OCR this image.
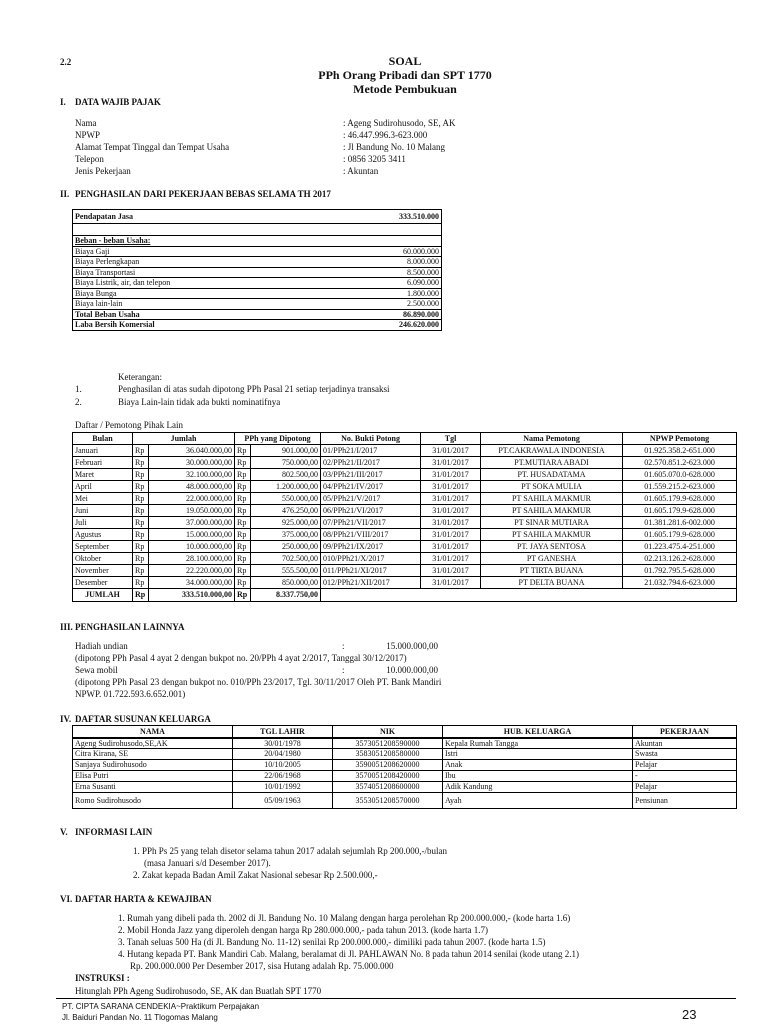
2.2	SOAL
PPh Orang Pribadi dan SPT 1770
Metode Pembukuan
I. DATA WAJIB PAJAK
Nama	: Ageng Sudirohusodo, SE, AK
NPWP	: 46.447.996.3-623.000
Alamat Tempat Tinggal dan Tempat Usaha	: Jl Bandung No. 10 Malang
Telepon	: 0856 3205 3411
Jenis Pekerjaan	: Akuntan
II. PENGHASILAN DARI PEKERJAAN BEBAS SELAMA TH 2017
Pendapatan Jasa	333.510.000

Beban - beban Usaha:	
Biaya Gaji	60.000.000
Biaya Perlengkapan	8.000.000
Biaya Transportasi	8.500.000
Biaya Listrik, air, dan telepon	6.090.000
Biaya Bunga	1.800.000
Biaya lain-lain	2.500.000
Total Beban Usaha	86.890.000
Laba Bersih Komersial	246.620.000
Keterangan:
1.	Penghasilan di atas sudah dipotong PPh Pasal 21 setiap terjadinya transaksi
2.	Biaya Lain-lain tidak ada bukti nominatifnya
Daftar / Pemotong Pihak Lain
Bulan	Jumlah		PPh yang Dipotong		No. Bukti Potong	Tgl	Nama Pemotong	NPWP Pemotong
Januari	Rp	36.040.000,00	Rp	901.000,00	01/PPh21/I/2017	31/01/2017	PT.CAKRAWALA INDONESIA	01.925.358.2-651.000
Februari	Rp	30.000.000,00	Rp	750.000,00	02/PPh21/II/2017	31/01/2017	PT.MUTIARA ABADI	02.570.851.2-623.000
Maret	Rp	32.100.000,00	Rp	802.500,00	03/PPh21/III/2017	31/01/2017	PT. HUSADATAMA	01.605.070.0-628.000
April	Rp	48.000.000,00	Rp	1.200.000,00	04/PPh21/IV/2017	31/01/2017	PT SOKA MULIA	01.559.215.2-623.000
Mei	Rp	22.000.000,00	Rp	550.000,00	05/PPh21/V/2017	31/01/2017	PT SAHILA MAKMUR	01.605.179.9-628.000
Juni	Rp	19.050.000,00	Rp	476.250,00	06/PPh21/VI/2017	31/01/2017	PT SAHILA MAKMUR	01.605.179.9-628.000
Juli	Rp	37.000.000,00	Rp	925.000,00	07/PPh21/VII/2017	31/01/2017	PT SINAR MUTIARA	01.381.281.6-002.000
Agustus	Rp	15.000.000,00	Rp	375.000,00	08/PPh21/VIII/2017	31/01/2017	PT SAHILA MAKMUR	01.605.179.9-628.000
September	Rp	10.000.000,00	Rp	250.000,00	09/PPh21/IX/2017	31/01/2017	PT. JAYA SENTOSA	01.223.475.4-251.000
Oktober	Rp	28.100.000,00	Rp	702.500,00	010/PPh21/X/2017	31/01/2017	PT GANESHA	02.213.126.2-628.000
November	Rp	22.220.000,00	Rp	555.500,00	011/PPh21/XI/2017	31/01/2017	PT TIRTA BUANA	01.792.795.5-628.000
Desember	Rp	34.000.000,00	Rp	850.000,00	012/PPh21/XII/2017	31/01/2017	PT DELTA BUANA	21.032.794.6-623.000
JUMLAH	Rp	333.510.000,00	Rp	8.337.750,00				
III. PENGHASILAN LAINNYA
Hadiah undian	:	15.000.000,00
(dipotong PPh Pasal 4 ayat 2 dengan bukpot no. 20/PPh 4 ayat 2/2017, Tanggal 30/12/2017)
Sewa mobil	:	10.000.000,00
(dipotong PPh Pasal 23 dengan bukpot no. 010/PPh 23/2017, Tgl. 30/11/2017 Oleh PT. Bank Mandiri
NPWP. 01.722.593.6.652.001)
IV. DAFTAR SUSUNAN KELUARGA
NAMA	TGL LAHIR	NIK	HUB. KELUARGA	PEKERJAAN
Ageng Sudirohusodo,SE,AK	30/01/1978	3573051208590000	Kepala Rumah Tangga	Akuntan
Citra Kirana, SE	20/04/1980	3583051208580000	Istri	Swasta
Sanjaya Sudirohusodo	10/10/2005	3590051208620000	Anak	Pelajar
Elisa Putri	22/06/1968	3570051208420000	Ibu	-
Erna Susanti	10/01/1992	3574051208600000	Adik Kandung	Pelajar
Romo Sudirohusodo	05/09/1963	3553051208570000	Ayah	Pensiunan
V. INFORMASI LAIN
1. PPh Ps 25 yang telah disetor selama tahun 2017 adalah sejumlah Rp 200.000,-/bulan
(masa Januari s/d Desember 2017).
2. Zakat kepada Badan Amil Zakat Nasional sebesar Rp 2.500.000,-
VI. DAFTAR HARTA & KEWAJIBAN
1. Rumah yang dibeli pada th. 2002 di Jl. Bandung No. 10 Malang dengan harga perolehan Rp 200.000.000,- (kode harta 1.6)
2. Mobil Honda Jazz yang diperoleh dengan harga Rp 280.000.000,- pada tahun 2013. (kode harta 1.7)
3. Tanah seluas 500 Ha (di Jl. Bandung No. 11-12) senilai Rp 200.000.000,- dimiliki pada tahun 2007. (kode harta 1.5)
4. Hutang kepada PT. Bank Mandiri Cab. Malang, beralamat di Jl. PAHLAWAN No. 8 pada tahun 2014 senilai (kode utang 2.1)
Rp. 200.000.000 Per Desember 2017, sisa Hutang adalah Rp. 75.000.000
INSTRUKSI :
Hitunglah PPh Ageng Sudirohusodo, SE, AK dan Buatlah SPT 1770
PT. CIPTA SARANA CENDEKIA~Praktikum Perpajakan
Jl. Baiduri Pandan No. 11 Tlogomas Malang	23
